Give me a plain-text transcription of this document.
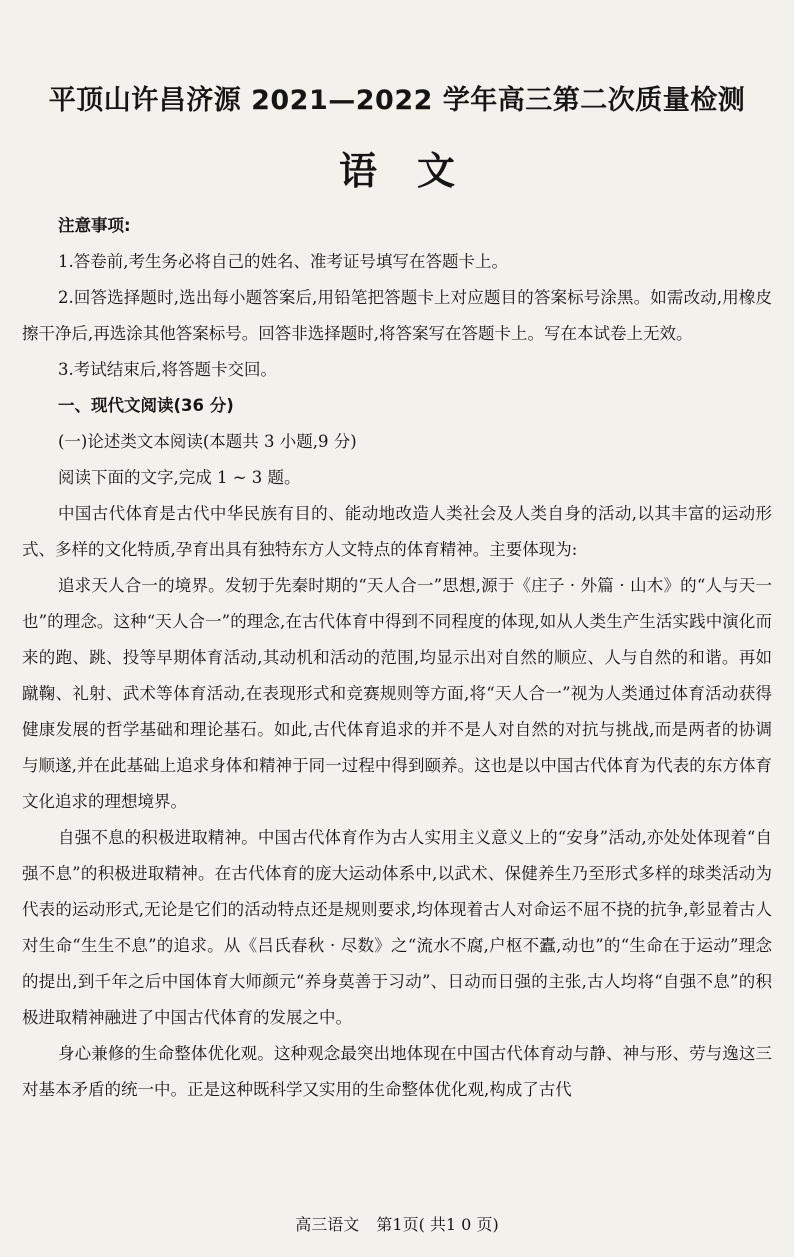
平顶山许昌济源 2021—2022 学年高三第二次质量检测
语文
注意事项:

1.答卷前,考生务必将自己的姓名、准考证号填写在答题卡上。

2.回答选择题时,选出每小题答案后,用铅笔把答题卡上对应题目的答案标号涂黑。如需改动,用橡皮擦干净后,再选涂其他答案标号。回答非选择题时,将答案写在答题卡上。写在本试卷上无效。

3.考试结束后,将答题卡交回。

一、现代文阅读(36 分)

(一)论述类文本阅读(本题共 3 小题,9 分)

阅读下面的文字,完成 1 ~ 3 题。

中国古代体育是古代中华民族有目的、能动地改造人类社会及人类自身的活动,以其丰富的运动形式、多样的文化特质,孕育出具有独特东方人文特点的体育精神。主要体现为:

追求天人合一的境界。发轫于先秦时期的“天人合一”思想,源于《庄子 · 外篇 · 山木》的“人与天一也”的理念。这种“天人合一”的理念,在古代体育中得到不同程度的体现,如从人类生产生活实践中演化而来的跑、跳、投等早期体育活动,其动机和活动的范围,均显示出对自然的顺应、人与自然的和谐。再如蹴鞠、礼射、武术等体育活动,在表现形式和竞赛规则等方面,将“天人合一”视为人类通过体育活动获得健康发展的哲学基础和理论基石。如此,古代体育追求的并不是人对自然的对抗与挑战,而是两者的协调与顺遂,并在此基础上追求身体和精神于同一过程中得到颐养。这也是以中国古代体育为代表的东方体育文化追求的理想境界。

自强不息的积极进取精神。中国古代体育作为古人实用主义意义上的“安身”活动,亦处处体现着“自强不息”的积极进取精神。在古代体育的庞大运动体系中,以武术、保健养生乃至形式多样的球类活动为代表的运动形式,无论是它们的活动特点还是规则要求,均体现着古人对命运不屈不挠的抗争,彰显着古人对生命“生生不息”的追求。从《吕氏春秋 · 尽数》之“流水不腐,户枢不蠹,动也”的“生命在于运动”理念的提出,到千年之后中国体育大师颜元“养身莫善于习动”、日动而日强的主张,古人均将“自强不息”的积极进取精神融进了中国古代体育的发展之中。

身心兼修的生命整体优化观。这种观念最突出地体现在中国古代体育动与静、神与形、劳与逸这三对基本矛盾的统一中。正是这种既科学又实用的生命整体优化观,构成了古代

高三语文 第1页( 共1 0 页)
